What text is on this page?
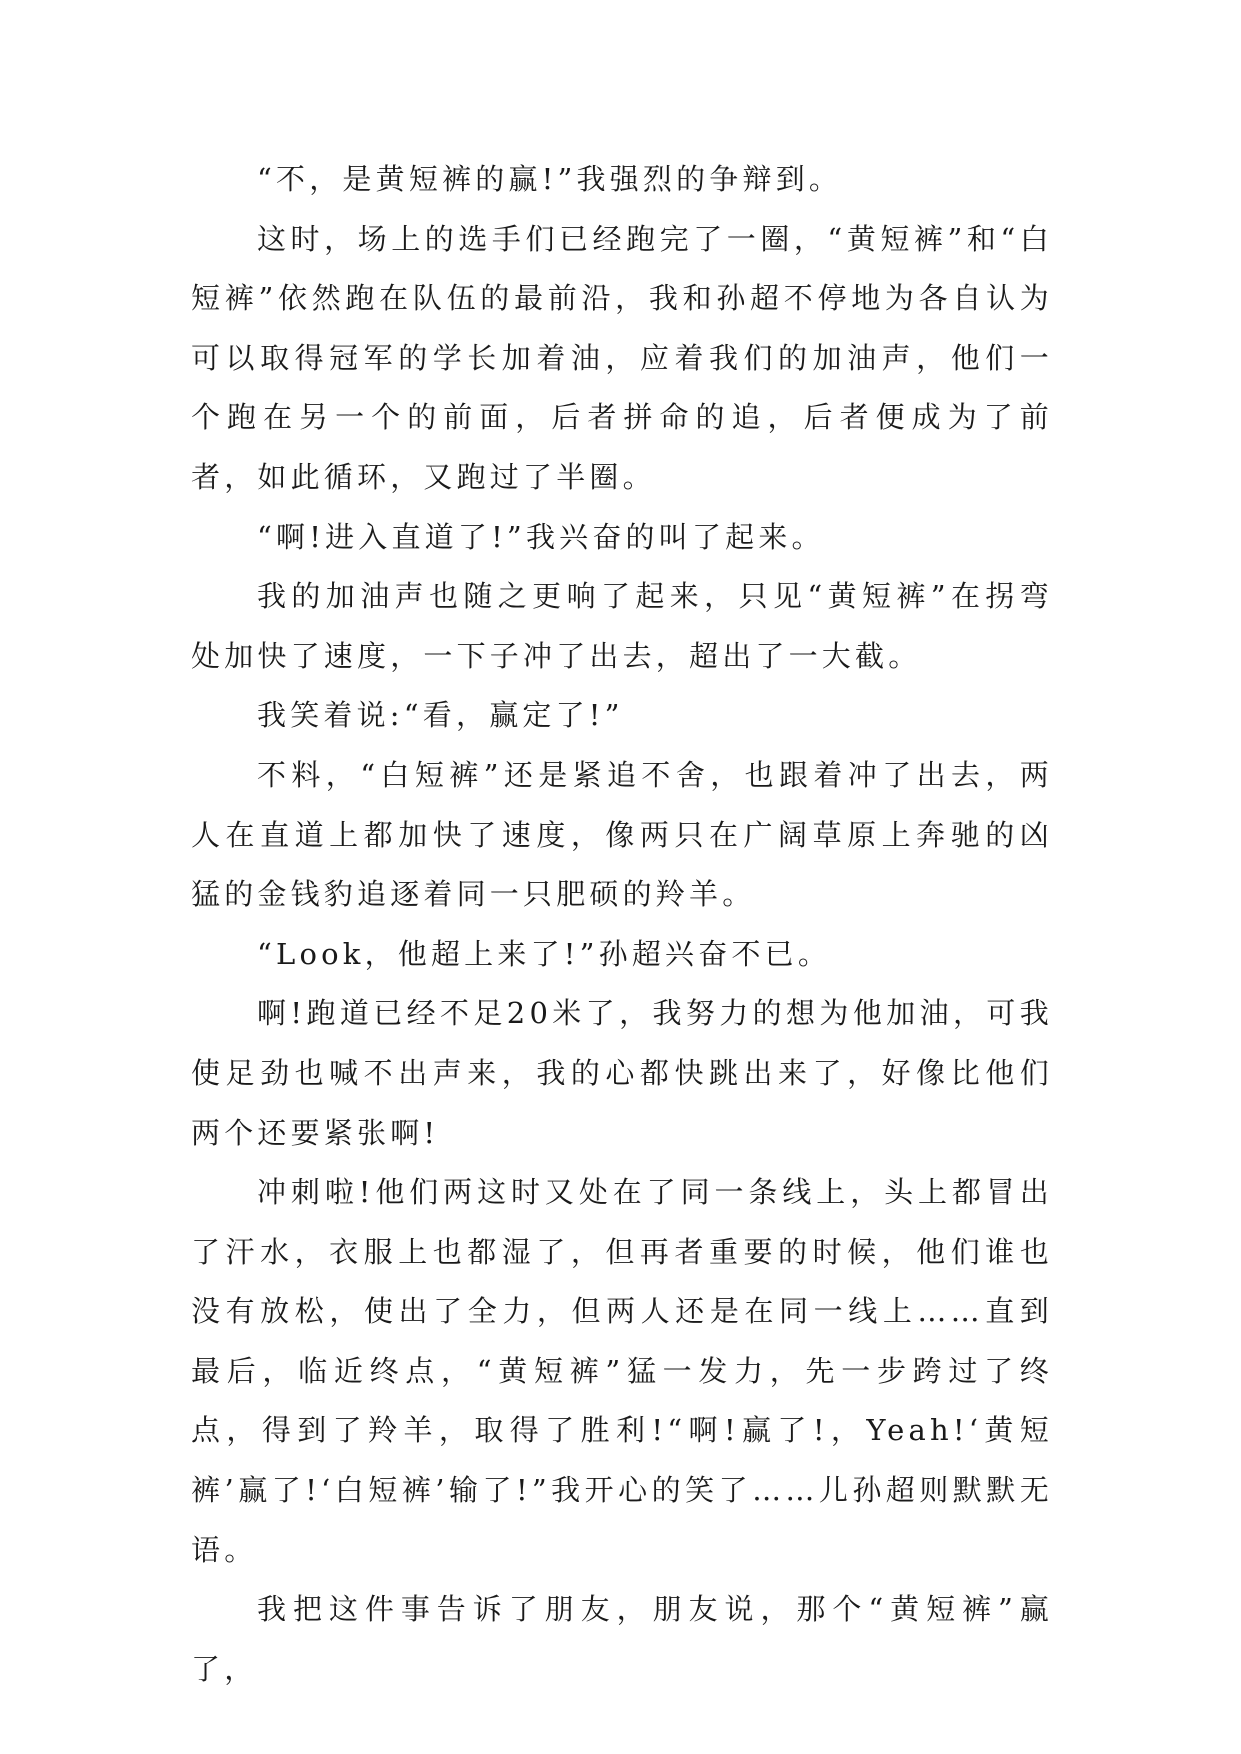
“不，是黄短裤的赢!”我强烈的争辩到。

这时，场上的选手们已经跑完了一圈，“黄短裤”和“白短裤”依然跑在队伍的最前沿，我和孙超不停地为各自认为可以取得冠军的学长加着油，应着我们的加油声，他们一个跑在另一个的前面，后者拼命的追，后者便成为了前者，如此循环，又跑过了半圈。

“啊!进入直道了!”我兴奋的叫了起来。

我的加油声也随之更响了起来，只见“黄短裤”在拐弯处加快了速度，一下子冲了出去，超出了一大截。

我笑着说:“看，赢定了!”

不料，“白短裤”还是紧追不舍，也跟着冲了出去，两人在直道上都加快了速度，像两只在广阔草原上奔驰的凶猛的金钱豹追逐着同一只肥硕的羚羊。

“Look，他超上来了!”孙超兴奋不已。

啊!跑道已经不足20米了，我努力的想为他加油，可我使足劲也喊不出声来，我的心都快跳出来了，好像比他们两个还要紧张啊!

冲刺啦!他们两这时又处在了同一条线上，头上都冒出了汗水，衣服上也都湿了，但再者重要的时候，他们谁也没有放松，使出了全力，但两人还是在同一线上……直到最后，临近终点，“黄短裤”猛一发力，先一步跨过了终点，得到了羚羊，取得了胜利!“啊!赢了!，Yeah!‘黄短裤’赢了!‘白短裤’输了!”我开心的笑了……儿孙超则默默无语。

我把这件事告诉了朋友，朋友说，那个“黄短裤”赢了，
